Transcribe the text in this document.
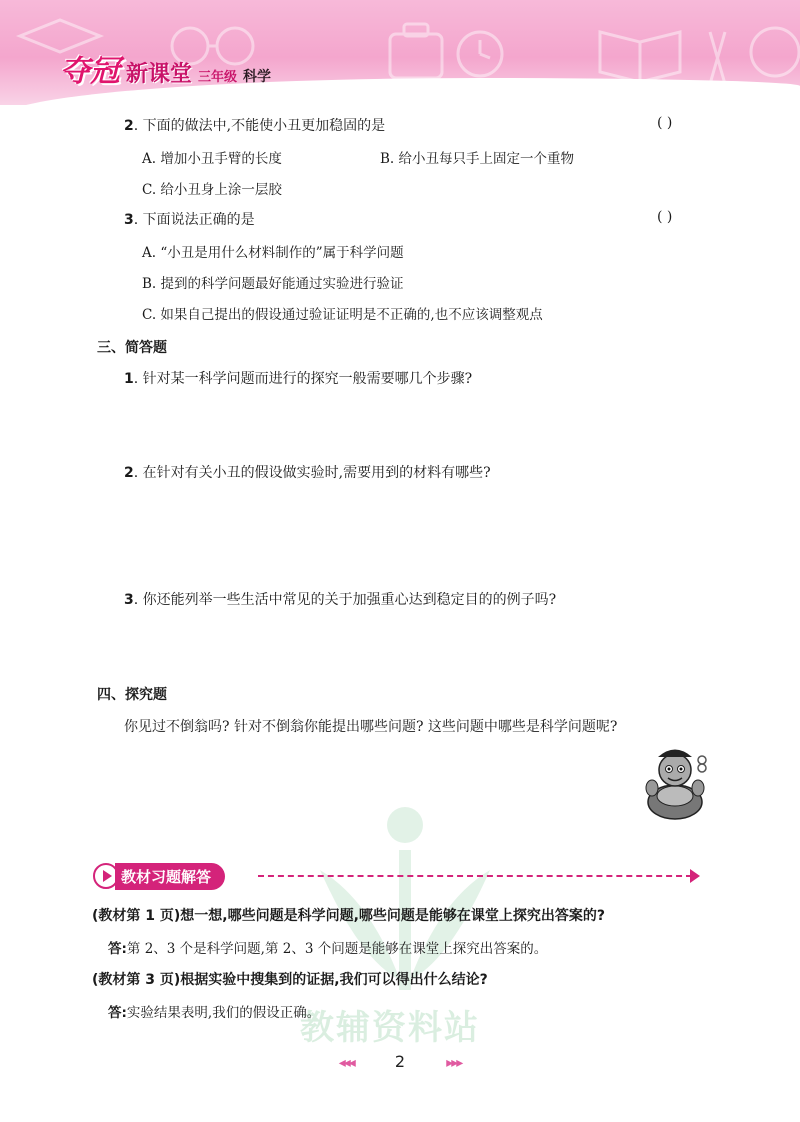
夺冠 新课堂 三年级 科学
2. 下面的做法中,不能使小丑更加稳固的是	( )
A. 增加小丑手臂的长度	B. 给小丑每只手上固定一个重物
C. 给小丑身上涂一层胶
3. 下面说法正确的是	( )
A. “小丑是用什么材料制作的”属于科学问题
B. 提到的科学问题最好能通过实验进行验证
C. 如果自己提出的假设通过验证证明是不正确的,也不应该调整观点
三、简答题
1. 针对某一科学问题而进行的探究一般需要哪几个步骤?
2. 在针对有关小丑的假设做实验时,需要用到的材料有哪些?
3. 你还能列举一些生活中常见的关于加强重心达到稳定目的的例子吗?
四、探究题
你见过不倒翁吗? 针对不倒翁你能提出哪些问题? 这些问题中哪些是科学问题呢?
教辅资料站
教材习题解答
(教材第 1 页)想一想,哪些问题是科学问题,哪些问题是能够在课堂上探究出答案的?
答:第 2、3 个是科学问题,第 2、3 个问题是能够在课堂上探究出答案的。
(教材第 3 页)根据实验中搜集到的证据,我们可以得出什么结论?
答:实验结果表明,我们的假设正确。
◂◂◂	2	▸▸▸
